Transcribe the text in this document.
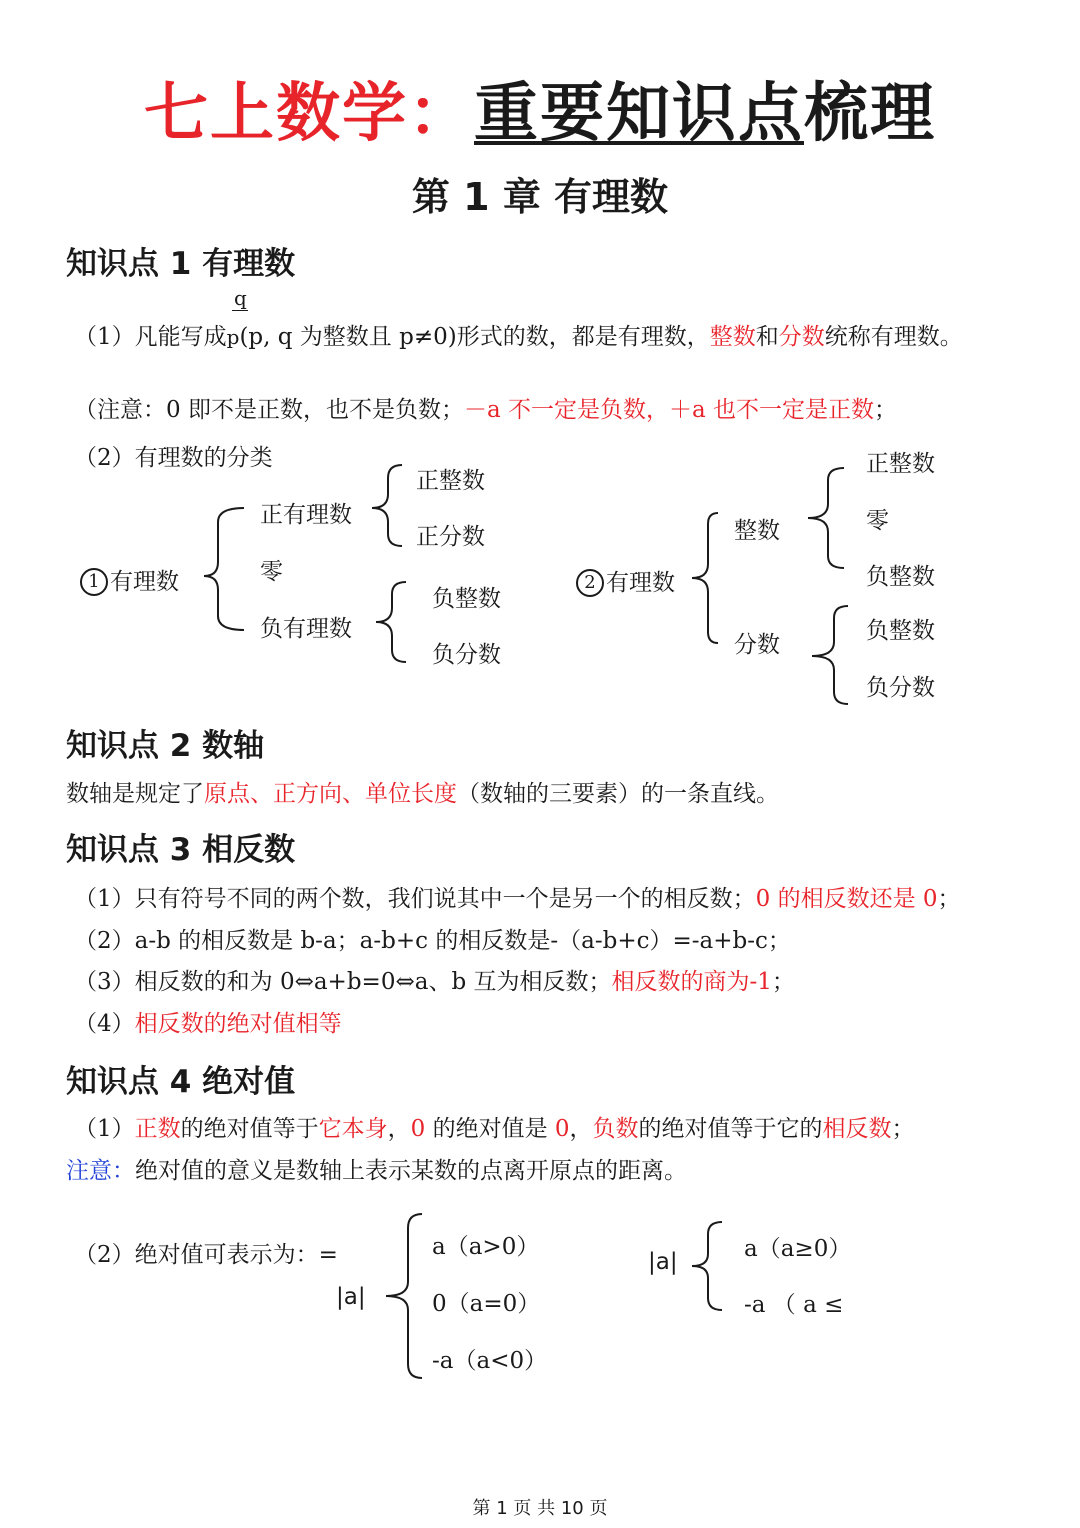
七上数学：重要知识点梳理
第 1 章 有理数
知识点 1 有理数
q
（1）凡能写成p(p, q 为整数且 p≠0)形式的数，都是有理数，整数和分数统称有理数。
（注意：0 即不是正数，也不是负数；－a 不一定是负数，＋a 也不一定是正数；
（2）有理数的分类
1 有理数
正有理数
正整数
正分数
零
负有理数
负整数
负分数
2 有理数
整数
正整数
零
负整数
分数
负整数
负分数
知识点 2 数轴
数轴是规定了原点、正方向、单位长度（数轴的三要素）的一条直线。
知识点 3 相反数
（1）只有符号不同的两个数，我们说其中一个是另一个的相反数；0 的相反数还是 0；
（2）a-b 的相反数是 b-a；a-b+c 的相反数是-（a-b+c）=-a+b-c；
（3）相反数的和为 0⇔a+b=0⇔a、b 互为相反数；相反数的商为-1；
（4）相反数的绝对值相等
知识点 4 绝对值
（1）正数的绝对值等于它本身，0 的绝对值是 0，负数的绝对值等于它的相反数；
注意：绝对值的意义是数轴上表示某数的点离开原点的距离。
（2）绝对值可表示为：=
|a|
a（a>0）
0（a=0）
-a（a<0）
|a|	a（a≥0）
-a （ a ≤
第 1 页 共 10 页
